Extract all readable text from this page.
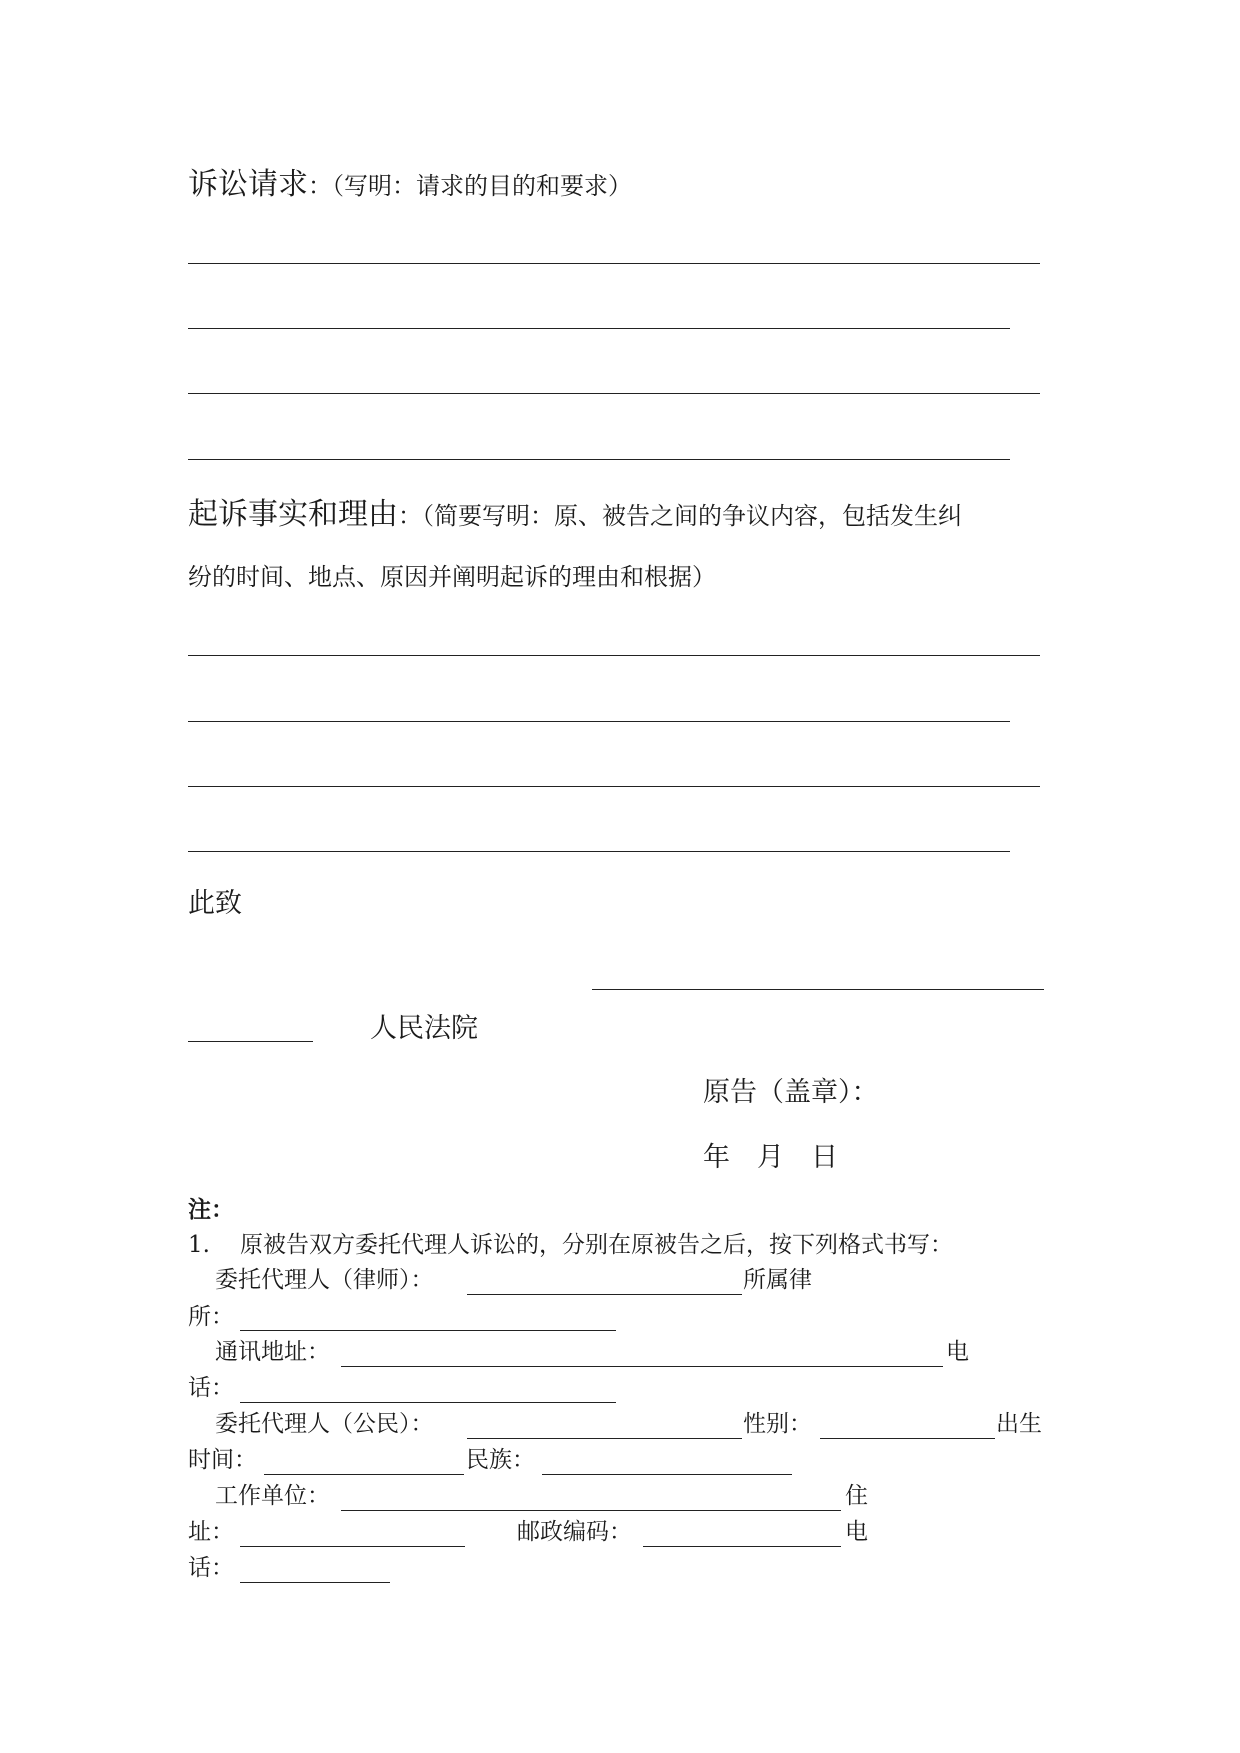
诉讼请求：（写明：请求的目的和要求）
起诉事实和理由：（简要写明：原、被告之间的争议内容，包括发生纠
纷的时间、地点、原因并阐明起诉的理由和根据）
此致
人民法院
原告（盖章）：
年　月　日
注：
1. 原被告双方委托代理人诉讼的，分别在原被告之后，按下列格式书写：
委托代理人（律师）：	所属律
所：
通讯地址：	电
话：
委托代理人（公民）：	性别：	出生
时间：	民族：
工作单位：	住
址：	邮政编码：	电
话：
